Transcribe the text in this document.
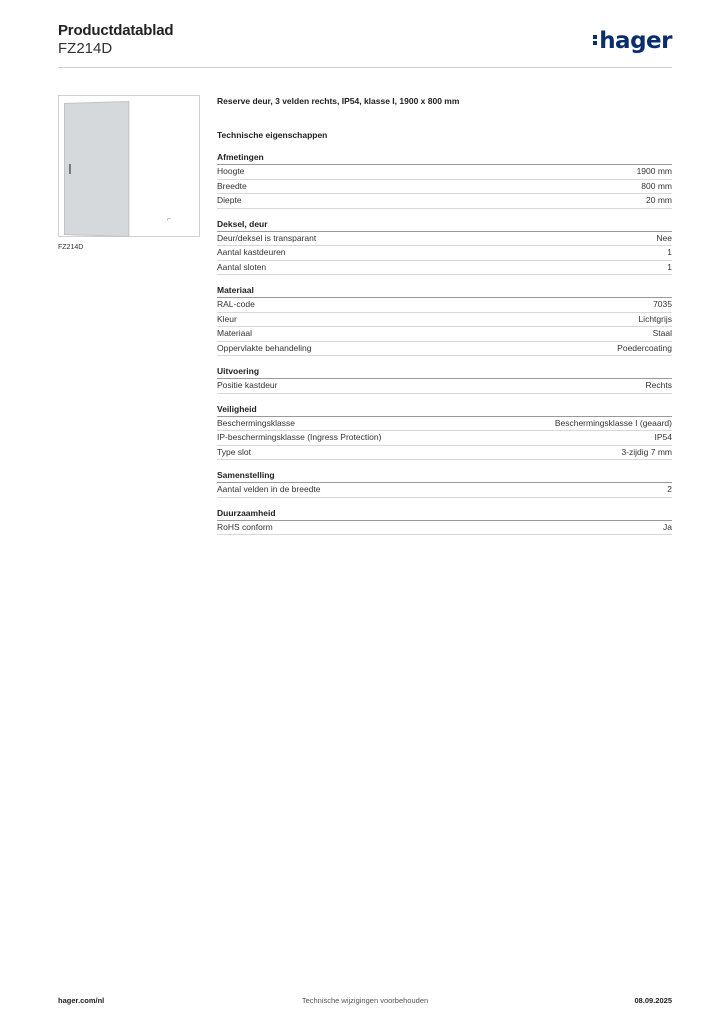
Productdatablad
FZ214D	hager
⌐
FZ214D
Reserve deur, 3 velden rechts, IP54, klasse I, 1900 x 800 mm
Technische eigenschappen
Afmetingen
Hoogte	1900 mm
Breedte	800 mm
Diepte	20 mm
Deksel, deur
Deur/deksel is transparant	Nee
Aantal kastdeuren	1
Aantal sloten	1
Materiaal
RAL-code	7035
Kleur	Lichtgrijs
Materiaal	Staal
Oppervlakte behandeling	Poedercoating
Uitvoering
Positie kastdeur	Rechts
Veiligheid
Beschermingsklasse	Beschermingsklasse I (geaard)
IP-beschermingsklasse (Ingress Protection)	IP54
Type slot	3-zijdig 7 mm
Samenstelling
Aantal velden in de breedte	2
Duurzaamheid
RoHS conform	Ja
hager.com/nl	Technische wijzigingen voorbehouden	08.09.2025
